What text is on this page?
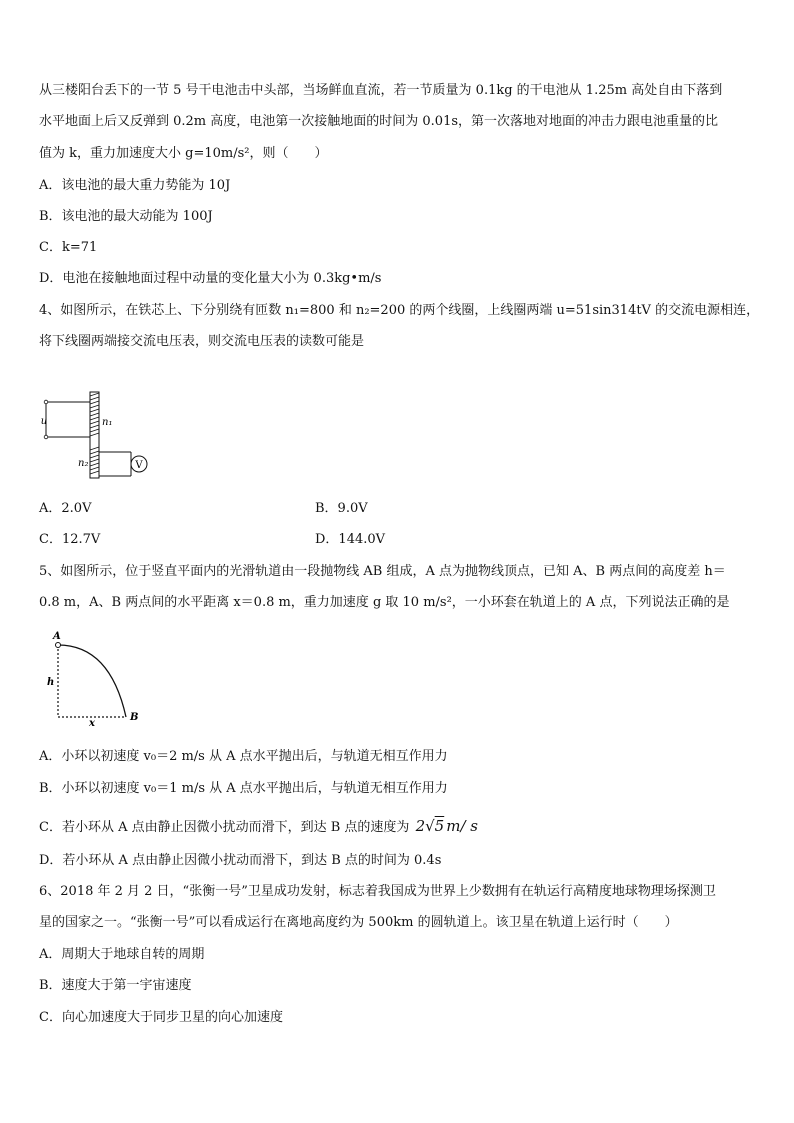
从三楼阳台丢下的一节 5 号干电池击中头部，当场鲜血直流，若一节质量为 0.1kg 的干电池从 1.25m 高处自由下落到
水平地面上后又反弹到 0.2m 高度，电池第一次接触地面的时间为 0.01s，第一次落地对地面的冲击力跟电池重量的比
值为 k，重力加速度大小 g=10m/s²，则（　　）
A．该电池的最大重力势能为 10J
B．该电池的最大动能为 100J
C．k=71
D．电池在接触地面过程中动量的变化量大小为 0.3kg•m/s
4、如图所示，在铁芯上、下分别绕有匝数 n₁=800 和 n₂=200 的两个线圈，上线圈两端 u=51sin314tV 的交流电源相连，
将下线圈两端接交流电压表，则交流电压表的读数可能是
u	n₁
n₂	V
A．2.0V	B．9.0V
C．12.7V	D．144.0V
5、如图所示，位于竖直平面内的光滑轨道由一段抛物线 AB 组成，A 点为抛物线顶点，已知 A、B 两点间的高度差 h＝
0.8 m，A、B 两点间的水平距离 x＝0.8 m，重力加速度 g 取 10 m/s²，一小环套在轨道上的 A 点，下列说法正确的是
A
B
h
x
A．小环以初速度 v₀＝2 m/s 从 A 点水平抛出后，与轨道无相互作用力
B．小环以初速度 v₀＝1 m/s 从 A 点水平抛出后，与轨道无相互作用力
C．若小环从 A 点由静止因微小扰动而滑下，到达 B 点的速度为 2√5 m/ s
D．若小环从 A 点由静止因微小扰动而滑下，到达 B 点的时间为 0.4s
6、2018 年 2 月 2 日，“张衡一号”卫星成功发射，标志着我国成为世界上少数拥有在轨运行高精度地球物理场探测卫
星的国家之一。“张衡一号”可以看成运行在离地高度约为 500km 的圆轨道上。该卫星在轨道上运行时（　　）
A．周期大于地球自转的周期
B．速度大于第一宇宙速度
C．向心加速度大于同步卫星的向心加速度
